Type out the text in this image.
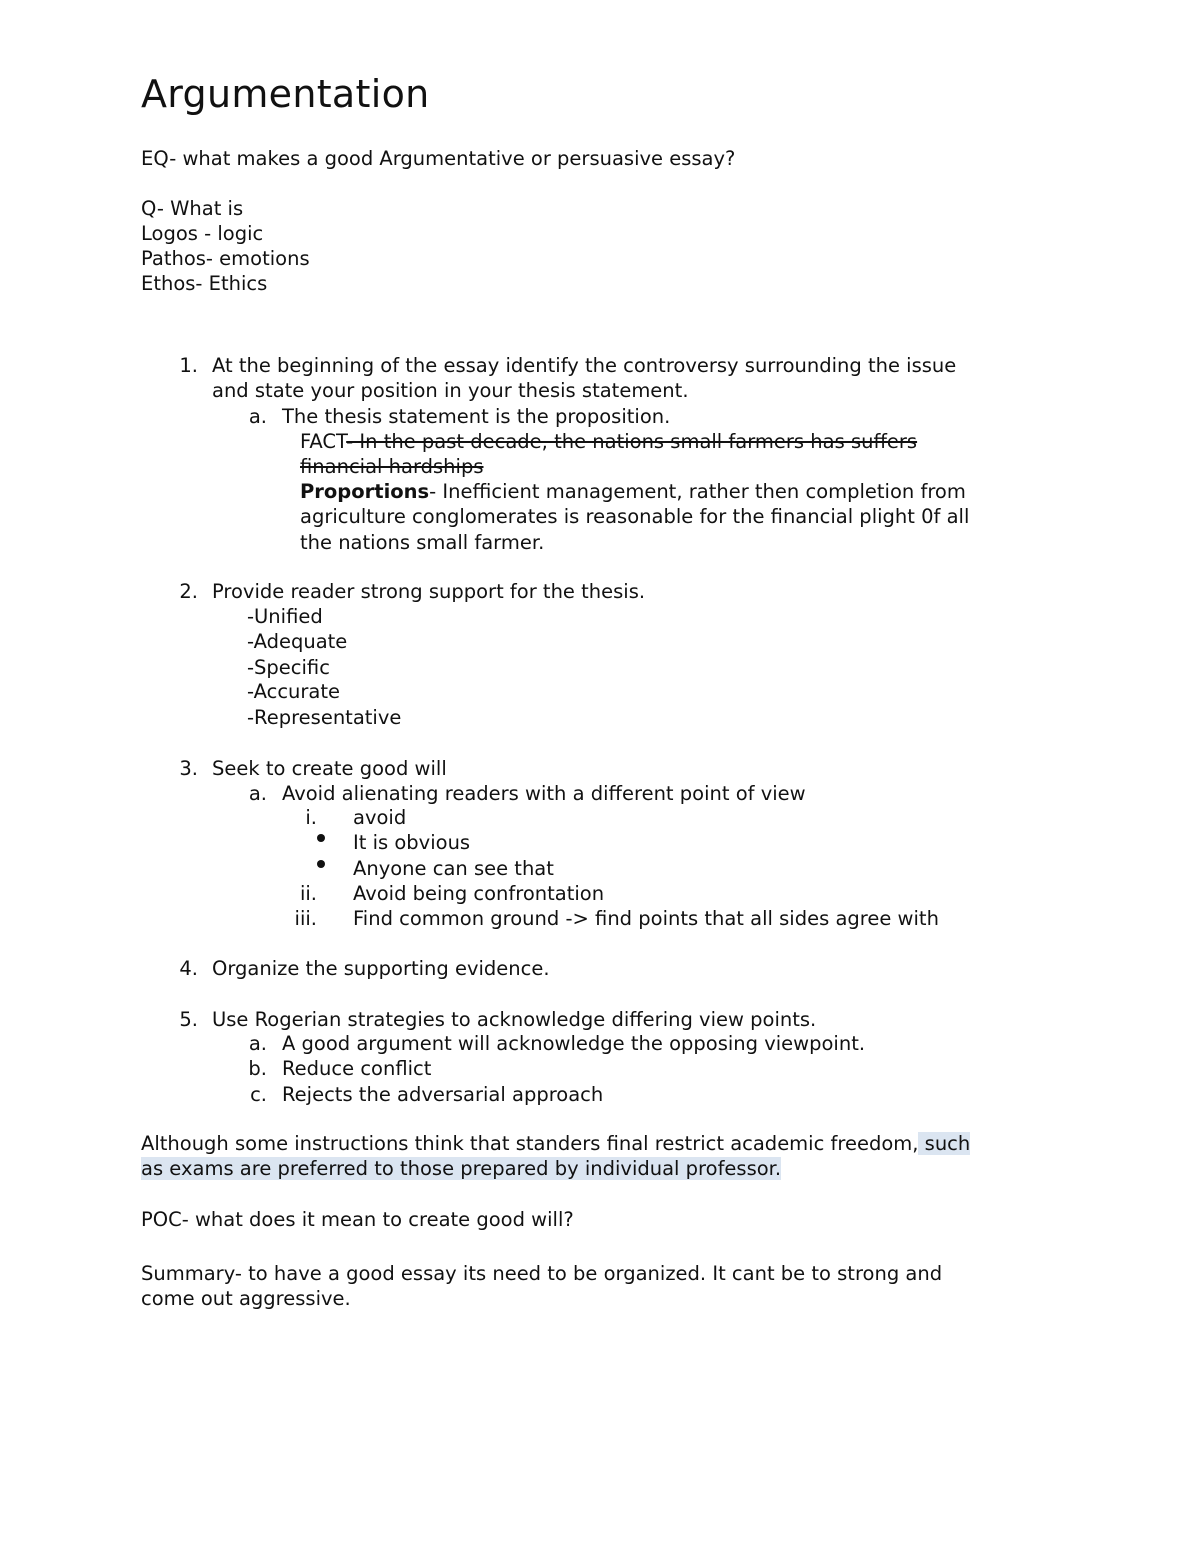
Argumentation
EQ- what makes a good Argumentative or persuasive essay?
Q- What is
Logos - logic
Pathos- emotions
Ethos- Ethics
1. At the beginning of the essay identify the controversy surrounding the issue
and state your position in your thesis statement.
a. The thesis statement is the proposition.
FACT- In the past decade, the nations small farmers has suffers
financial hardships
Proportions- Inefficient management, rather then completion from
agriculture conglomerates is reasonable for the financial plight 0f all
the nations small farmer.
2. Provide reader strong support for the thesis.
-Unified
-Adequate
-Specific
-Accurate
-Representative
3. Seek to create good will
a. Avoid alienating readers with a different point of view
i. avoid
It is obvious
Anyone can see that
ii. Avoid being confrontation
iii. Find common ground -> find points that all sides agree with
4. Organize the supporting evidence.
5. Use Rogerian strategies to acknowledge differing view points.
a. A good argument will acknowledge the opposing viewpoint.
b. Reduce conflict
c. Rejects the adversarial approach
Although some instructions think that standers final restrict academic freedom, such
as exams are preferred to those prepared by individual professor.
POC- what does it mean to create good will?
Summary- to have a good essay its need to be organized. It cant be to strong and
come out aggressive.
